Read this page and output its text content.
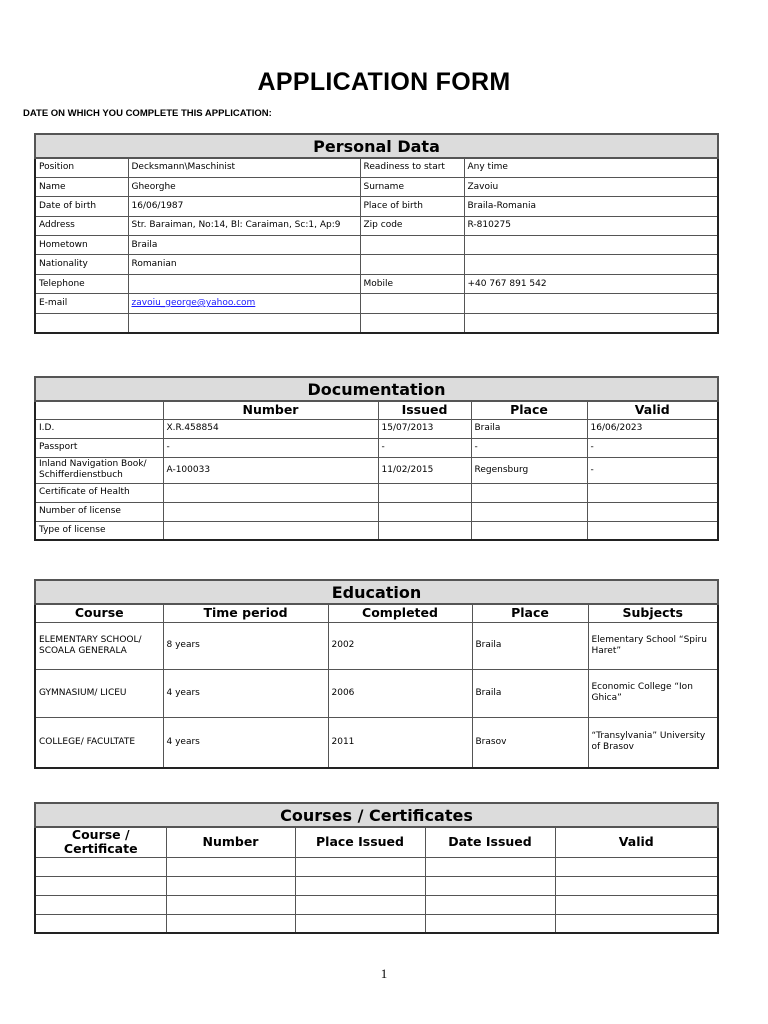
APPLICATION FORM
DATE ON WHICH YOU COMPLETE THIS APPLICATION:
Personal Data			
Position	Decksmann\Maschinist	Readiness to start	Any time
Name	Gheorghe	Surname	Zavoiu
Date of birth	16/06/1987	Place of birth	Braila-Romania
Address	Str. Baraiman, No:14, Bl: Caraiman, Sc:1, Ap:9	Zip code	R-810275
Hometown	Braila		
Nationality	Romanian		
Telephone		Mobile	+40 767 891 542
E-mail	zavoiu_george@yahoo.com		

Documentation				
	Number	Issued	Place	Valid
I.D.	X.R.458854	15/07/2013	Braila	16/06/2023
Passport	-	-	-	-
Inland Navigation Book/ Schifferdienstbuch	A-100033	11/02/2015	Regensburg	-
Certificate of Health				
Number of license				
Type of license				
Education				
Course	Time period	Completed	Place	Subjects
ELEMENTARY SCHOOL/ SCOALA GENERALA	8 years	2002	Braila	Elementary School “Spiru Haret”
GYMNASIUM/ LICEU	4 years	2006	Braila	Economic College “Ion Ghica”
COLLEGE/ FACULTATE	4 years	2011	Brasov	“Transylvania” University of Brasov
Courses / Certificates				
Course / Certificate	Number	Place Issued	Date Issued	Valid

1
